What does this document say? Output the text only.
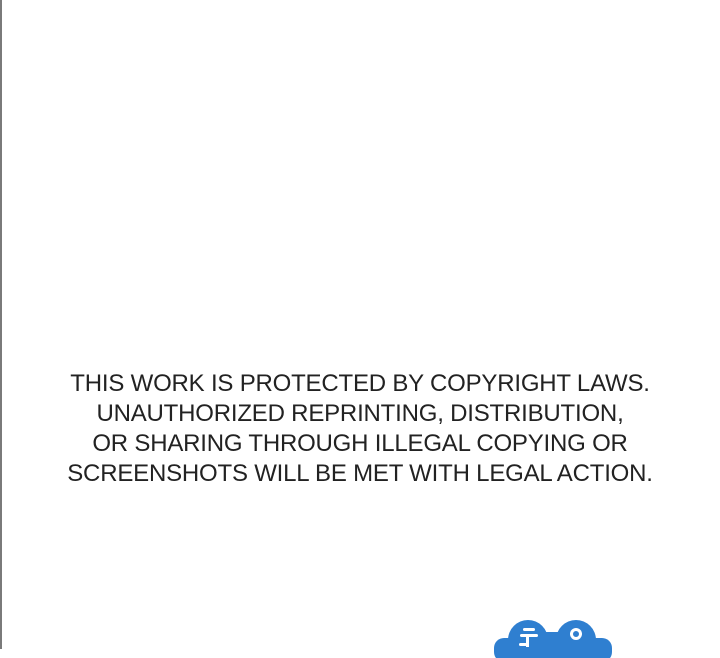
THIS WORK IS PROTECTED BY COPYRIGHT LAWS.
UNAUTHORIZED REPRINTING, DISTRIBUTION,
OR SHARING THROUGH ILLEGAL COPYING OR
SCREENSHOTS WILL BE MET WITH LEGAL ACTION.
